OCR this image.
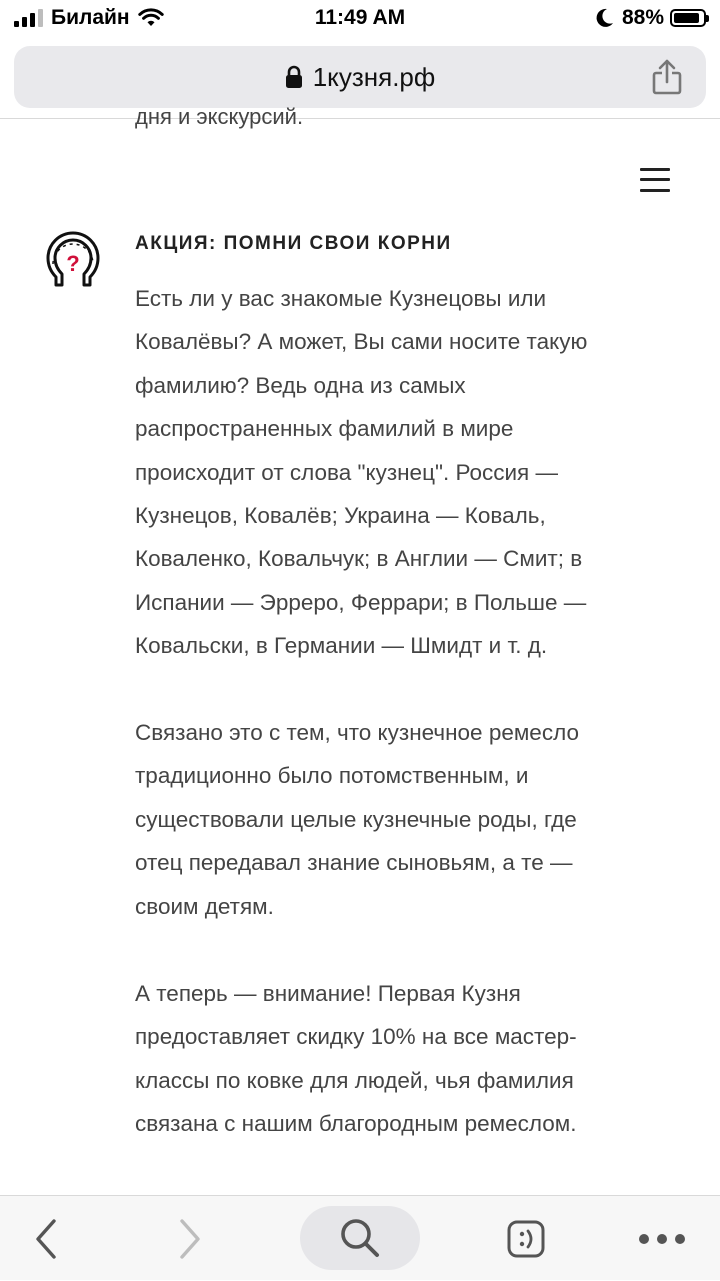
Билайн	11:49 AM	88%
1кузня.рф
дня и экскурсий.
?
АКЦИЯ: ПОМНИ СВОИ КОРНИ
Есть ли у вас знакомые Кузнецовы или
Ковалёвы? А может, Вы сами носите такую
фамилию? Ведь одна из самых
распространенных фамилий в мире
происходит от слова "кузнец". Россия —
Кузнецов, Ковалёв; Украина — Коваль,
Коваленко, Ковальчук; в Англии — Смит; в
Испании — Эрреро, Феррари; в Польше —
Ковальски, в Германии — Шмидт и т. д.
Связано это с тем, что кузнечное ремесло
традиционно было потомственным, и
существовали целые кузнечные роды, где
отец передавал знание сыновьям, а те —
своим детям.
А теперь — внимание! Первая Кузня
предоставляет скидку 10% на все мастер-
классы по ковке для людей, чья фамилия
связана с нашим благородным ремеслом.
